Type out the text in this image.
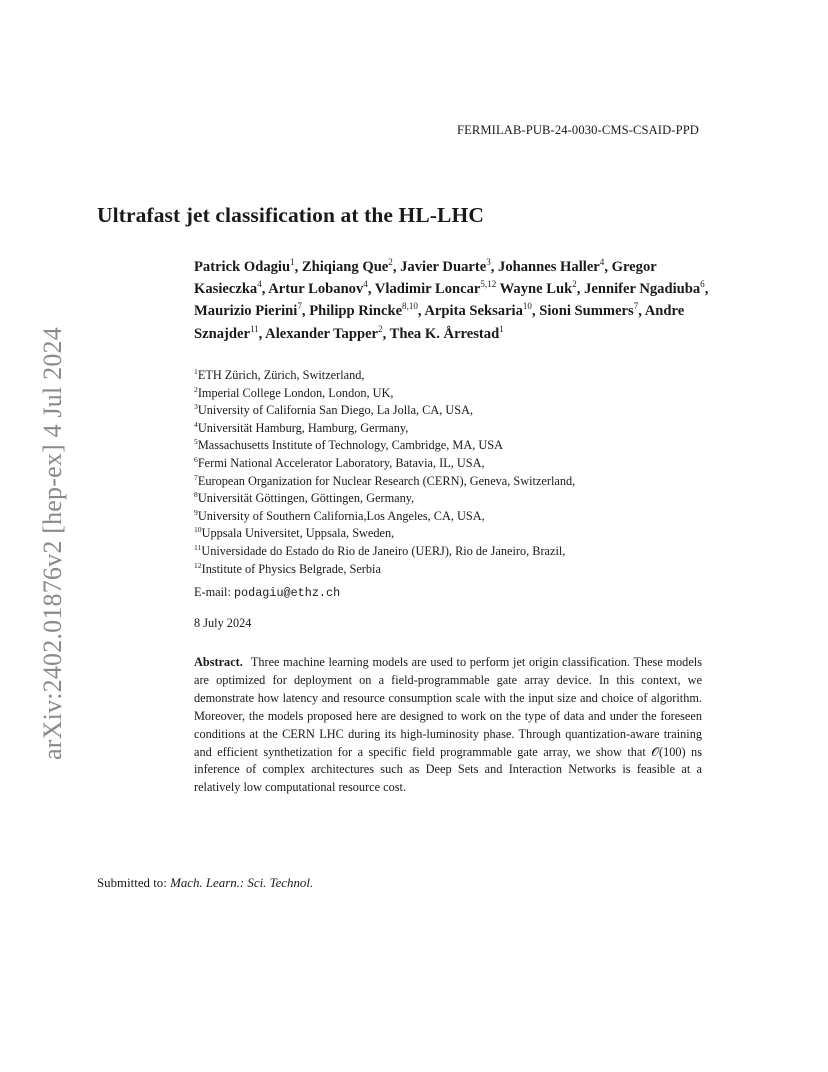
FERMILAB-PUB-24-0030-CMS-CSAID-PPD
Ultrafast jet classification at the HL-LHC
Patrick Odagiu$^1$, Zhiqiang Que$^2$, Javier Duarte$^3$, Johannes Haller$^4$, Gregor Kasieczka$^4$, Artur Lobanov$^4$, Vladimir Loncar$^{5,12}$ Wayne Luk$^2$, Jennifer Ngadiuba$^6$, Maurizio Pierini$^7$, Philipp Rincke$^{8,10}$, Arpita Seksaria$^{10}$, Sioni Summers$^7$, Andre Sznajder$^{11}$, Alexander Tapper$^2$, Thea K. Årrestad$^1$
$^1$ETH Zürich, Zürich, Switzerland,
$^2$Imperial College London, London, UK,
$^3$University of California San Diego, La Jolla, CA, USA,
$^4$Universität Hamburg, Hamburg, Germany,
$^5$Massachusetts Institute of Technology, Cambridge, MA, USA
$^6$Fermi National Accelerator Laboratory, Batavia, IL, USA,
$^7$European Organization for Nuclear Research (CERN), Geneva, Switzerland,
$^8$Universität Göttingen, Göttingen, Germany,
$^9$University of Southern California,Los Angeles, CA, USA,
$^{10}$Uppsala Universitet, Uppsala, Sweden,
$^{11}$Universidade do Estado do Rio de Janeiro (UERJ), Rio de Janeiro, Brazil,
$^{12}$Institute of Physics Belgrade, Serbia
E-mail: podagiu@ethz.ch
8 July 2024
Abstract. Three machine learning models are used to perform jet origin classification. These models are optimized for deployment on a field-programmable gate array device. In this context, we demonstrate how latency and resource consumption scale with the input size and choice of algorithm. Moreover, the models proposed here are designed to work on the type of data and under the foreseen conditions at the CERN LHC during its high-luminosity phase. Through quantization-aware training and efficient synthetization for a specific field programmable gate array, we show that 𝒪(100) ns inference of complex architectures such as Deep Sets and Interaction Networks is feasible at a relatively low computational resource cost.
Submitted to: Mach. Learn.: Sci. Technol.
arXiv:2402.01876v2 [hep-ex] 4 Jul 2024
